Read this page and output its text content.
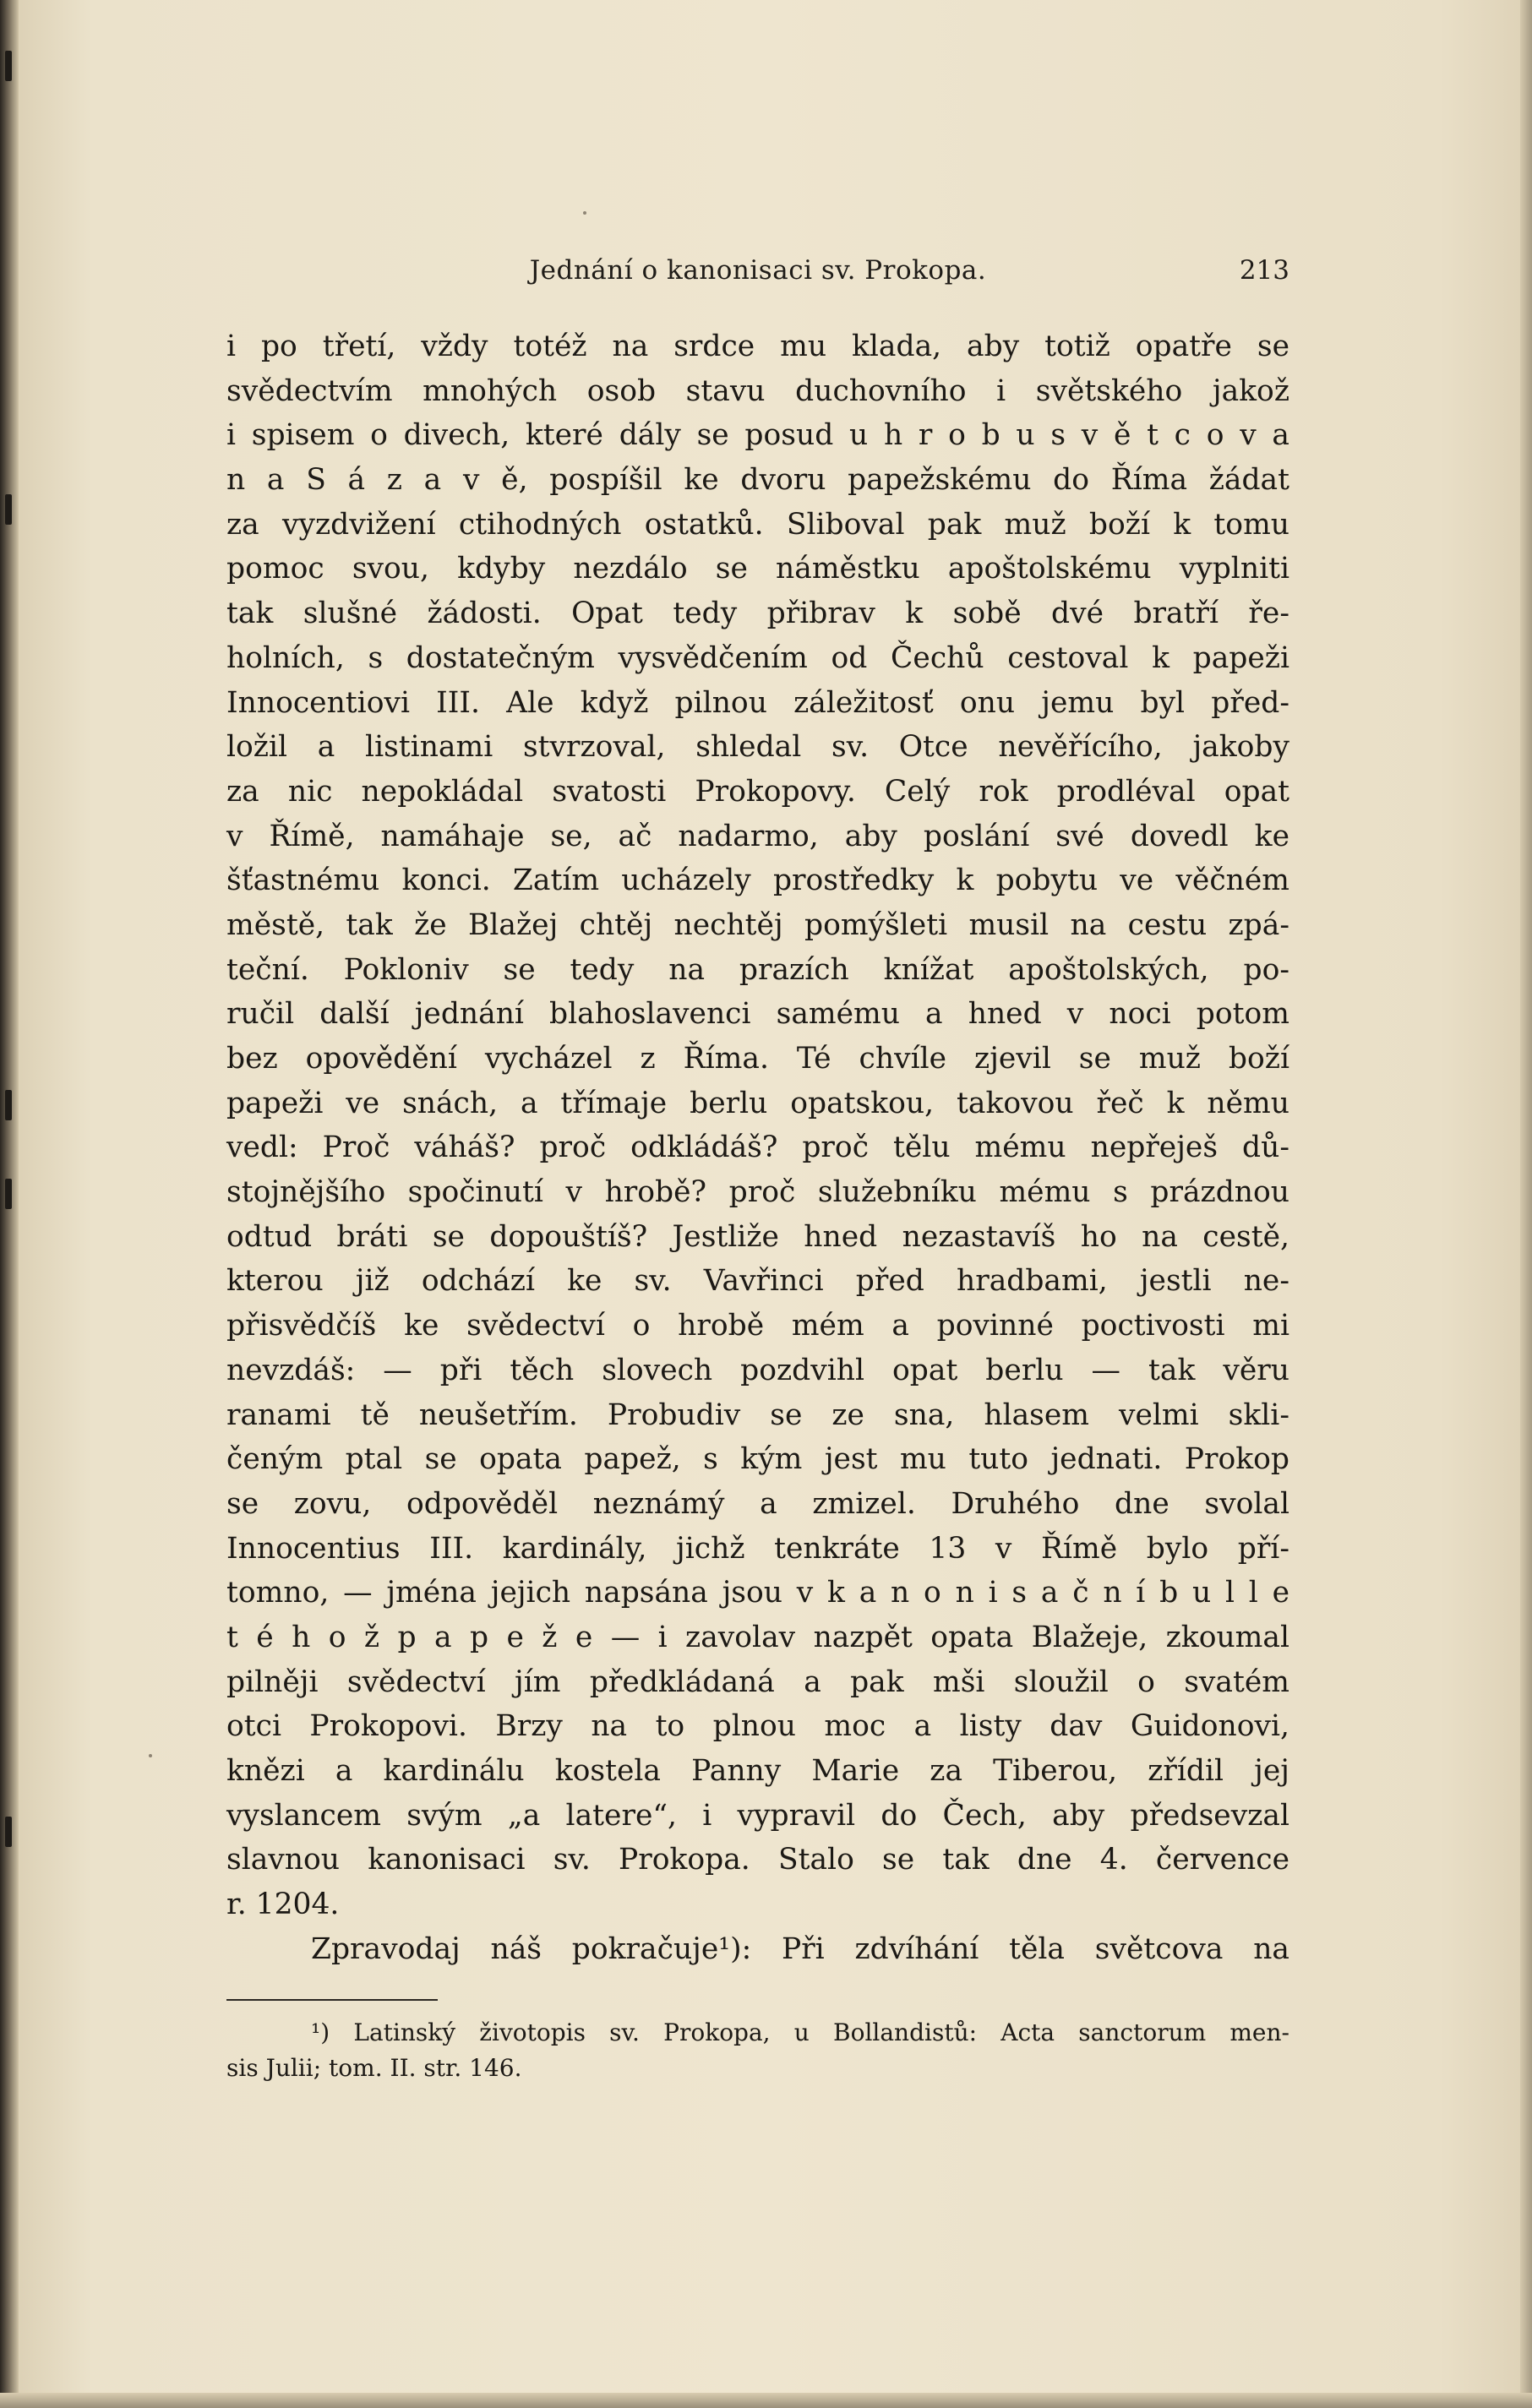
Jednání o kanonisaci sv. Prokopa.	213
i po třetí, vždy totéž na srdce mu klada, aby totiž opatře se
svědectvím mnohých osob stavu duchovního i světského jakož
i spisem o divech, které dály se posud u h r o b u s v ě t c o v a
n a S á z a v ě, pospíšil ke dvoru papežskému do Říma žádat
za vyzdvižení ctihodných ostatků. Sliboval pak muž boží k tomu
pomoc svou, kdyby nezdálo se náměstku apoštolskému vyplniti
tak slušné žádosti. Opat tedy přibrav k sobě dvé bratří ře-
holních, s dostatečným vysvědčením od Čechů cestoval k papeži
Innocentiovi III. Ale když pilnou záležitosť onu jemu byl před-
ložil a listinami stvrzoval, shledal sv. Otce nevěřícího, jakoby
za nic nepokládal svatosti Prokopovy. Celý rok prodléval opat
v Římě, namáhaje se, ač nadarmo, aby poslání své dovedl ke
šťastnému konci. Zatím ucházely prostředky k pobytu ve věčném
městě, tak že Blažej chtěj nechtěj pomýšleti musil na cestu zpá-
teční. Pokloniv se tedy na prazích knížat apoštolských, po-
ručil další jednání blahoslavenci samému a hned v noci potom
bez opovědění vycházel z Říma. Té chvíle zjevil se muž boží
papeži ve snách, a třímaje berlu opatskou, takovou řeč k němu
vedl: Proč váháš? proč odkládáš? proč tělu mému nepřeješ dů-
stojnějšího spočinutí v hrobě? proč služebníku mému s prázdnou
odtud bráti se dopouštíš? Jestliže hned nezastavíš ho na cestě,
kterou již odchází ke sv. Vavřinci před hradbami, jestli ne-
přisvědčíš ke svědectví o hrobě mém a povinné poctivosti mi
nevzdáš: — při těch slovech pozdvihl opat berlu — tak věru
ranami tě neušetřím. Probudiv se ze sna, hlasem velmi skli-
čeným ptal se opata papež, s kým jest mu tuto jednati. Prokop
se zovu, odpověděl neznámý a zmizel. Druhého dne svolal
Innocentius III. kardinály, jichž tenkráte 13 v Římě bylo pří-
tomno, — jména jejich napsána jsou v k a n o n i s a č n í b u l l e
t é h o ž p a p e ž e — i zavolav nazpět opata Blažeje, zkoumal
pilněji svědectví jím předkládaná a pak mši sloužil o svatém
otci Prokopovi. Brzy na to plnou moc a listy dav Guidonovi,
knězi a kardinálu kostela Panny Marie za Tiberou, zřídil jej
vyslancem svým „a latere“, i vypravil do Čech, aby předsevzal
slavnou kanonisaci sv. Prokopa. Stalo se tak dne 4. července
r. 1204.
Zpravodaj náš pokračuje¹): Při zdvíhání těla světcova na
¹) Latinský životopis sv. Prokopa, u Bollandistů: Acta sanctorum men-
sis Julii; tom. II. str. 146.
